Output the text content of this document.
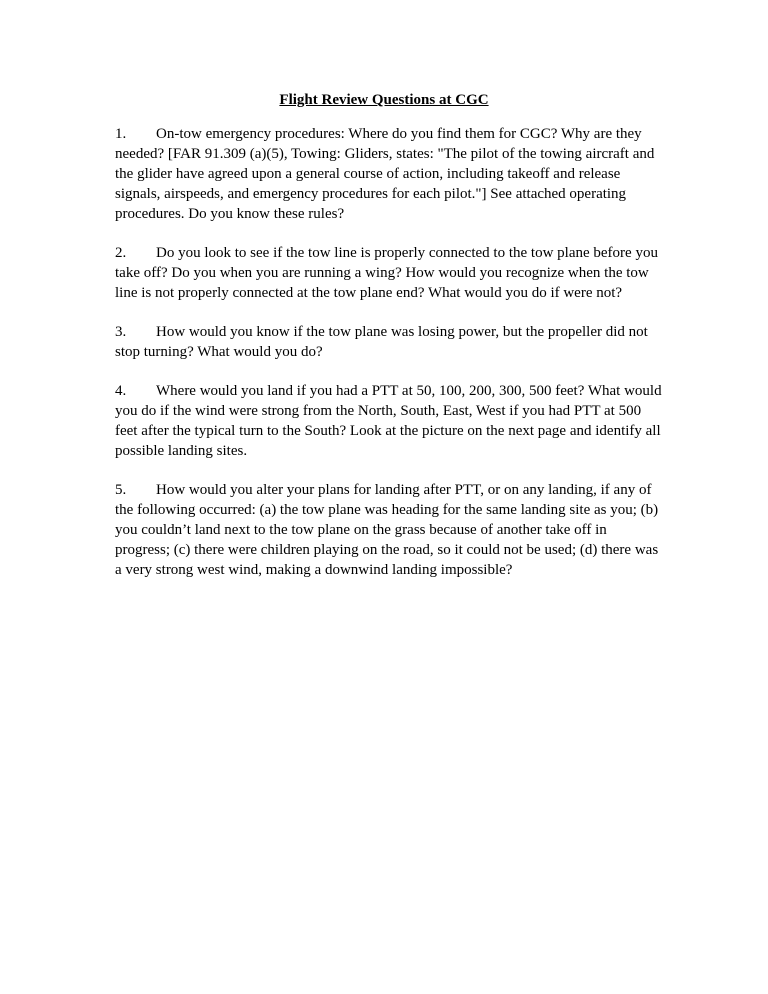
Flight Review Questions at CGC

1. On-tow emergency procedures: Where do you find them for CGC? Why are they needed? [FAR 91.309 (a)(5), Towing: Gliders, states: "The pilot of the towing aircraft and the glider have agreed upon a general course of action, including takeoff and release signals, airspeeds, and emergency procedures for each pilot."] See attached operating procedures. Do you know these rules?

2. Do you look to see if the tow line is properly connected to the tow plane before you take off? Do you when you are running a wing? How would you recognize when the tow line is not properly connected at the tow plane end? What would you do if were not?

3. How would you know if the tow plane was losing power, but the propeller did not stop turning? What would you do?

4. Where would you land if you had a PTT at 50, 100, 200, 300, 500 feet? What would you do if the wind were strong from the North, South, East, West if you had PTT at 500 feet after the typical turn to the South? Look at the picture on the next page and identify all possible landing sites.

5. How would you alter your plans for landing after PTT, or on any landing, if any of the following occurred: (a) the tow plane was heading for the same landing site as you; (b) you couldn’t land next to the tow plane on the grass because of another take off in progress; (c) there were children playing on the road, so it could not be used; (d) there was a very strong west wind, making a downwind landing impossible?
